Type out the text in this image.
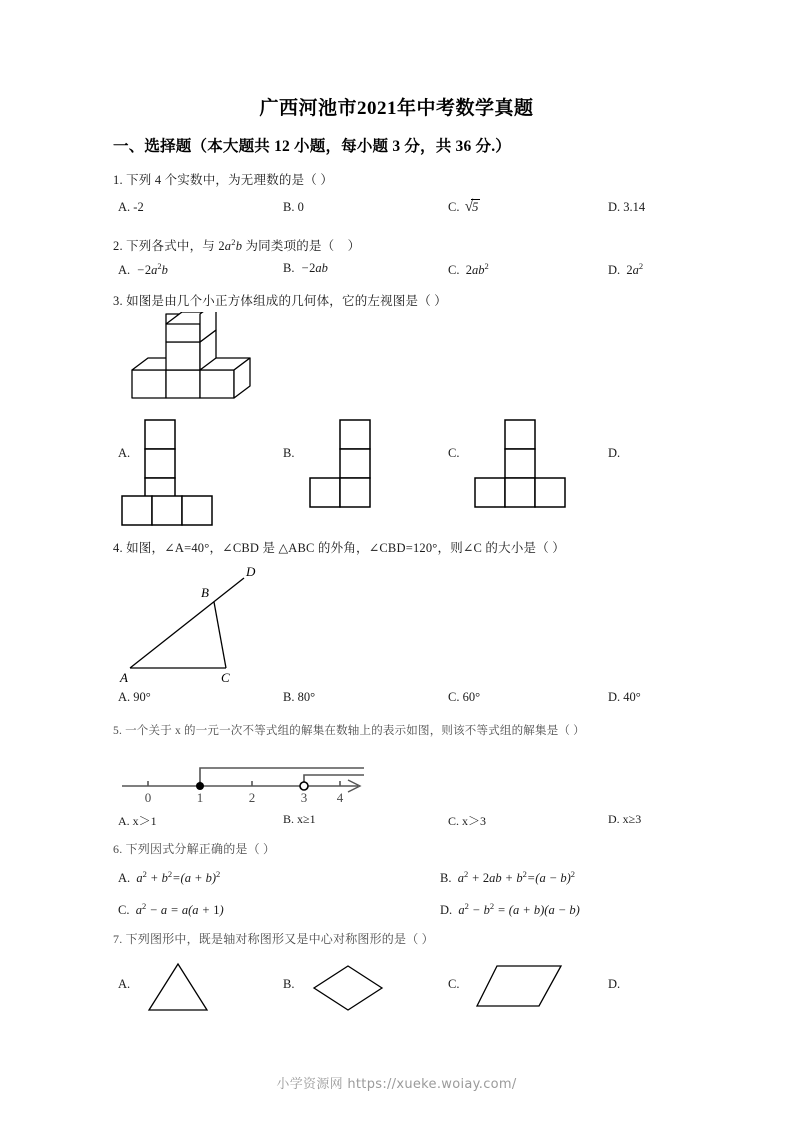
广西河池市2021年中考数学真题
一、选择题（本大题共 12 小题，每小题 3 分，共 36 分.）
1. 下列 4 个实数中，为无理数的是（ ）
A. -2	B. 0	C. √5	D. 3.14
2. 下列各式中，与 $2a^2b$ 为同类项的是（    ）
A.  $-2a^2b$	B.  −2ab	C. $2ab^2$	D. $2a^2$
3. 如图是由几个小正方体组成的几何体，它的左视图是（ ）
A.	B.	C.	D.
4. 如图，∠A=40°，∠CBD 是 △ABC 的外角，∠CBD=120°，则∠C 的大小是（ ）
D
B
A	C
A. 90°	B. 80°	C. 60°	D. 40°
5. 一个关于 x 的一元一次不等式组的解集在数轴上的表示如图，则该不等式组的解集是（ ）
0	1	2	3 4
A. x＞1	B. x≥1	C. x＞3	D. x≥3
6. 下列因式分解正确的是（ ）
A.  $a^2 + b^2=(a + b)^2$	B.  $a^2 + 2ab + b^2=(a - b)^2$
C.  $a^2 - a = a(a + 1)$	D.  $a^2 - b^2 = (a + b)(a - b)$
7. 下列图形中，既是轴对称图形又是中心对称图形的是（ ）
A.	B.	C.	D.
小学资源网 https://xueke.woiay.com/
